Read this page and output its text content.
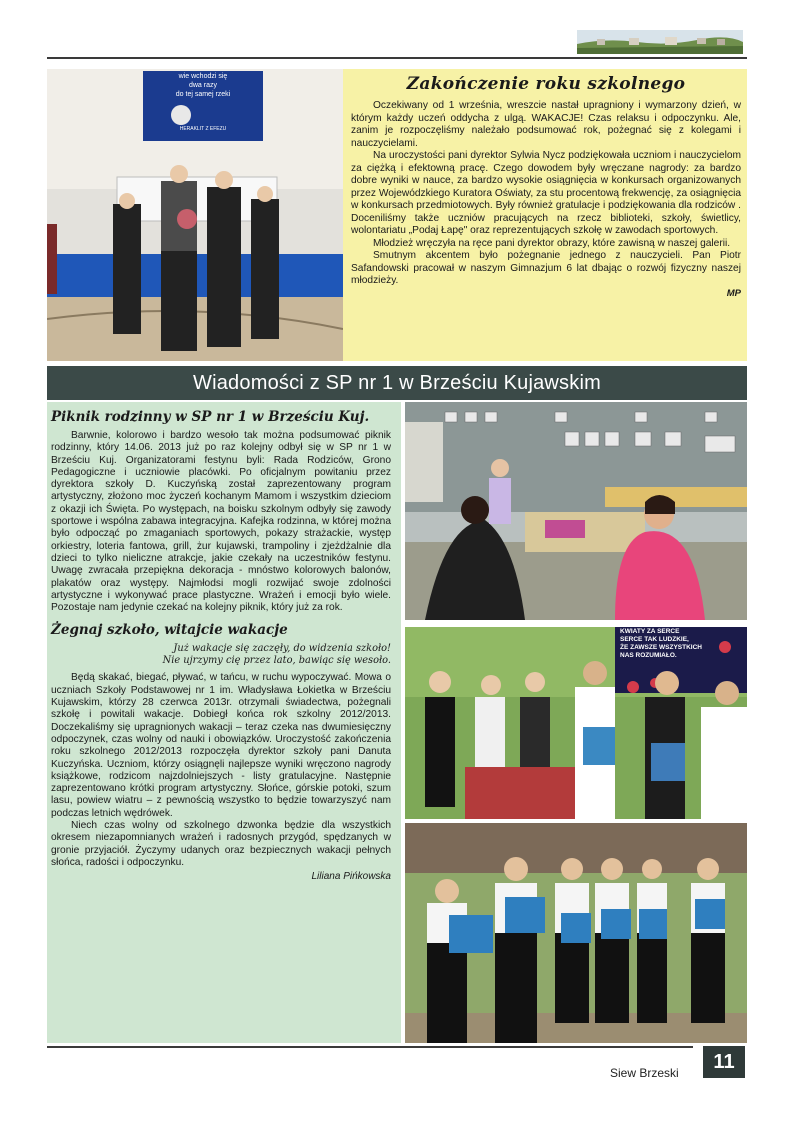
wie wchodzi się
dwa razy
do tej samej rzeki
HERAKLIT Z EFEZU
Zakończenie roku szkolnego

Oczekiwany od 1 września, wreszcie nastał upragniony i wymarzony dzień, w którym każdy uczeń oddycha z ulgą. WAKACJE! Czas relaksu i odpoczynku. Ale, zanim je rozpoczęliśmy należało podsumować rok, pożegnać się z kolegami i nauczycielami.

Na uroczystości pani dyrektor Sylwia Nycz podziękowała uczniom i nauczycielom za ciężką i efektowną pracę. Czego dowodem były wręczane nagrody: za bardzo dobre wyniki w nauce, za bardzo wysokie osiągnięcia w konkursach organizowanych przez Wojewódzkiego Kuratora Oświaty, za stu procentową frekwencję, za osiągnięcia w konkursach przedmiotowych. Były również gratulacje i podziękowania dla rodziców . Doceniliśmy także uczniów pracujących na rzecz biblioteki, szkoły, świetlicy, wolontariatu „Podaj Łapę" oraz reprezentujących szkołę w zawodach sportowych.

Młodzież wręczyła na ręce pani dyrektor obrazy, które zawisną w naszej galerii.

Smutnym akcentem było pożegnanie jednego z nauczycieli. Pan Piotr Safandowski pracował w naszym Gimnazjum 6 lat dbając o rozwój fizyczny naszej młodzieży.

MP
Wiadomości z SP nr 1 w Brześciu Kujawskim
Piknik rodzinny w SP nr 1 w Brześciu Kuj.

Barwnie, kolorowo i bardzo wesoło tak można podsumować piknik rodzinny, który 14.06. 2013 już po raz kolejny odbył się w SP nr 1 w Brześciu Kuj. Organizatorami festynu byli: Rada Rodziców, Grono Pedagogiczne i uczniowie placówki. Po oficjalnym powitaniu przez dyrektora szkoły D. Kuczyńską został zaprezentowany program artystyczny, złożono moc życzeń kochanym Mamom i wszystkim dzieciom z okazji ich Święta. Po występach, na boisku szkolnym odbyły się zawody sportowe i wspólna zabawa integracyjna. Kafejka rodzinna, w której można było odpocząć po zmaganiach sportowych, pokazy strażackie, występ orkiestry, loteria fantowa, grill, żur kujawski, trampoliny i zjeżdżalnie dla dzieci to tylko nieliczne atrakcje, jakie czekały na uczestników festynu. Uwagę zwracała przepiękna dekoracja - mnóstwo kolorowych balonów, plakatów oraz występy. Najmłodsi mogli rozwijać swoje zdolności artystyczne i wykonywać prace plastyczne. Wrażeń i emocji było wiele. Pozostaje nam jedynie czekać na kolejny piknik, który już za rok.

Żegnaj szkoło, witajcie wakacje
Już wakacje się zaczęły, do widzenia szkoło!
Nie ujrzymy cię przez lato, bawiąc się wesoło.

Będą skakać, biegać, pływać, w tańcu, w ruchu wypoczywać. Mowa o uczniach Szkoły Podstawowej nr 1 im. Władysława Łokietka w Brześciu Kujawskim, którzy 28 czerwca 2013r. otrzymali świadectwa, pożegnali szkołę i powitali wakacje. Dobiegł końca rok szkolny 2012/2013. Doczekaliśmy się upragnionych wakacji – teraz czeka nas dwumiesięczny odpoczynek, czas wolny od nauki i obowiązków. Uroczystość zakończenia roku szkolnego 2012/2013 rozpoczęła dyrektor szkoły pani Danuta Kuczyńska. Uczniom, którzy osiągnęli najlepsze wyniki wręczono nagrody książkowe, rodzicom najzdolniejszych - listy gratulacyjne. Następnie zaprezentowano krótki program artystyczny. Słońce, górskie potoki, szum lasu, powiew wiatru – z pewnością wszystko to będzie towarzyszyć nam podczas letnich wędrówek.

Niech czas wolny od szkolnego dzwonka będzie dla wszystkich okresem niezapomnianych wrażeń i radosnych przygód, spędzanych w gronie przyjaciół. Życzymy udanych oraz bezpiecznych wakacji pełnych słońca, radości i odpoczynku.

Liliana Pińkowska
KWIATY ZA SERCE
SERCE TAK LUDZKIE,
ŻE ZAWSZE WSZYSTKICH
NAS ROZUMIAŁO.
Siew Brzeski	11
